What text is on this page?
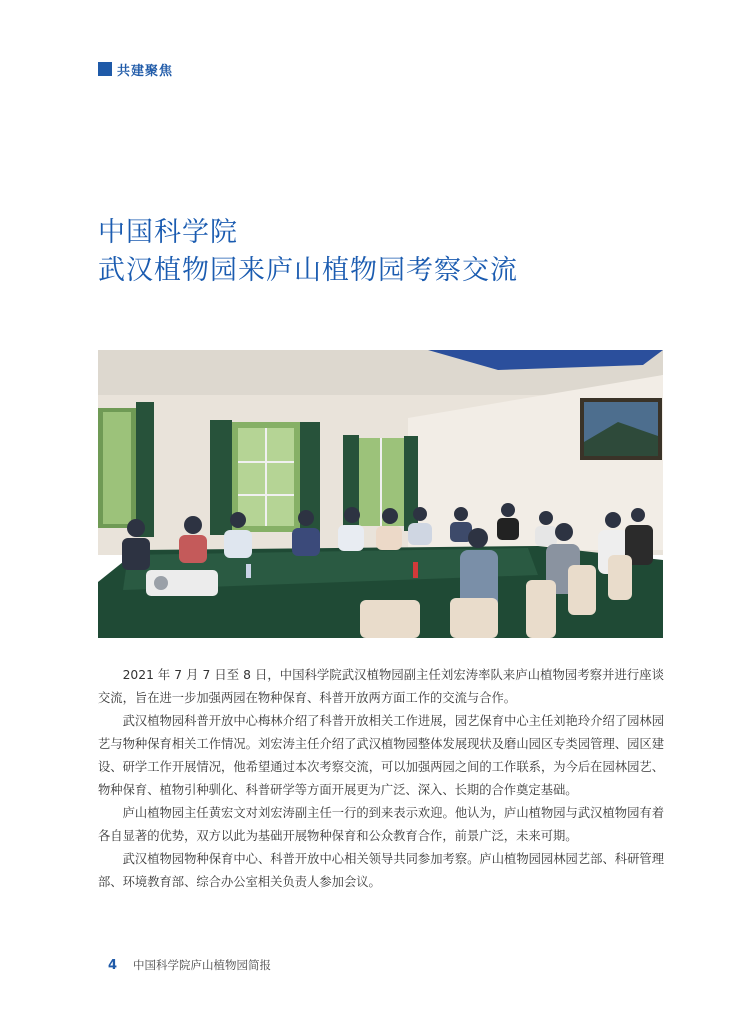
共建聚焦
中国科学院
武汉植物园来庐山植物园考察交流

2021 年 7 月 7 日至 8 日，中国科学院武汉植物园副主任刘宏涛率队来庐山植物园考察并进行座谈交流，旨在进一步加强两园在物种保育、科普开放两方面工作的交流与合作。

武汉植物园科普开放中心梅林介绍了科普开放相关工作进展，园艺保育中心主任刘艳玲介绍了园林园艺与物种保育相关工作情况。刘宏涛主任介绍了武汉植物园整体发展现状及磨山园区专类园管理、园区建设、研学工作开展情况，他希望通过本次考察交流，可以加强两园之间的工作联系，为今后在园林园艺、物种保育、植物引种驯化、科普研学等方面开展更为广泛、深入、长期的合作奠定基础。

庐山植物园主任黄宏文对刘宏涛副主任一行的到来表示欢迎。他认为，庐山植物园与武汉植物园有着各自显著的优势，双方以此为基础开展物种保育和公众教育合作，前景广泛，未来可期。

武汉植物园物种保育中心、科普开放中心相关领导共同参加考察。庐山植物园园林园艺部、科研管理部、环境教育部、综合办公室相关负责人参加会议。

4 中国科学院庐山植物园简报
